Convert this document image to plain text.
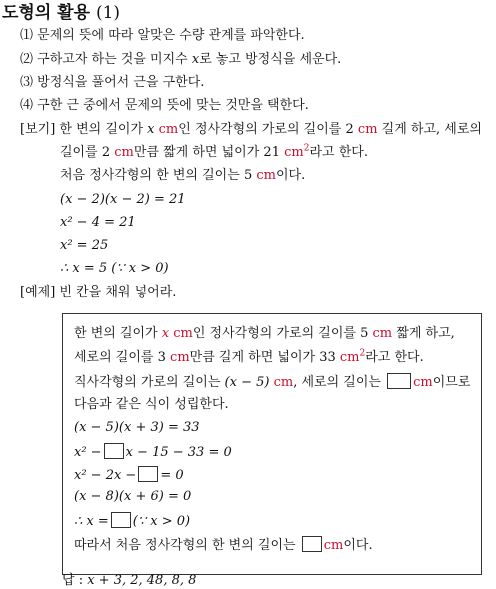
도형의 활용 (1)
⑴ 문제의 뜻에 따라 알맞은 수량 관계를 파악한다.
⑵ 구하고자 하는 것을 미지수 x로 놓고 방정식을 세운다.
⑶ 방정식을 풀어서 근을 구한다.
⑷ 구한 근 중에서 문제의 뜻에 맞는 것만을 택한다.
[보기] 한 변의 길이가 x cm인 정사각형의 가로의 길이를 2 cm 길게 하고, 세로의
길이를 2 cm만큼 짧게 하면 넓이가 21 $cm^2$라고 한다.
처음 정사각형의 한 변의 길이는 5 cm이다.
(x − 2)(x − 2) = 21
x² − 4 = 21
x² = 25
∴ x = 5 (∵ x > 0)
[예제] 빈 칸을 채워 넣어라.
한 변의 길이가 x cm인 정사각형의 가로의 길이를 5 cm 짧게 하고,
세로의 길이를 3 cm만큼 길게 하면 넓이가 33 $cm^2$라고 한다.
직사각형의 가로의 길이는 (x − 5) cm, 세로의 길이는 cm이므로
다음과 같은 식이 성립한다.
(x − 5)(x + 3) = 33
x² − x − 15 − 33 = 0
x² − 2x − = 0
(x − 8)(x + 6) = 0
∴ x = (∵ x > 0)
따라서 처음 정사각형의 한 변의 길이는 cm이다.
답 : x + 3, 2, 48, 8, 8
